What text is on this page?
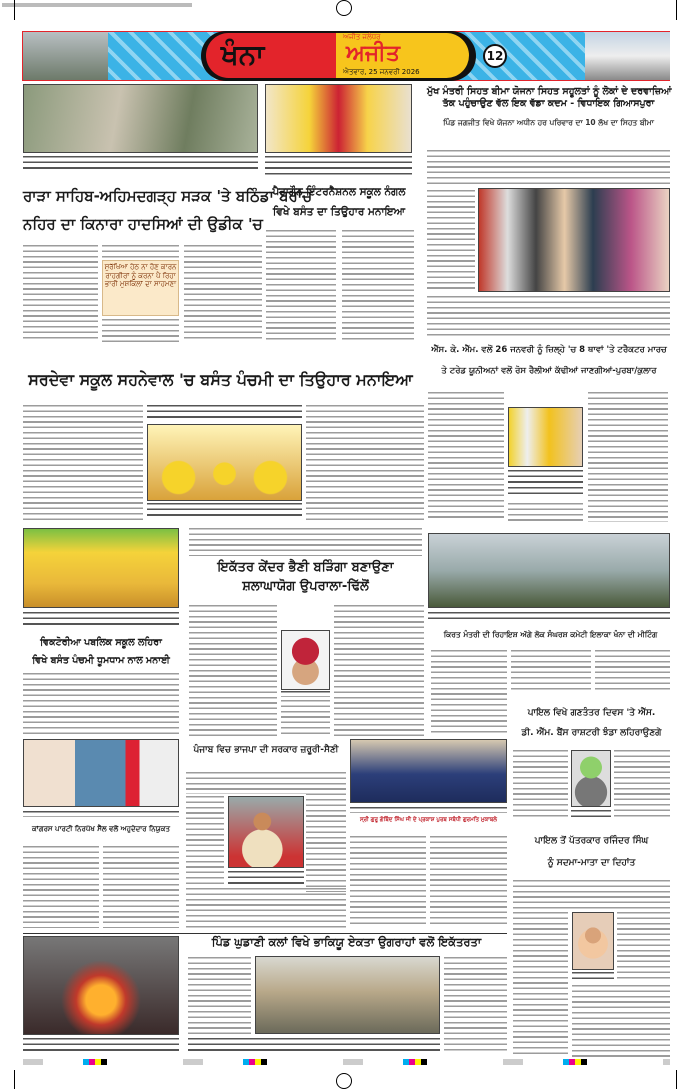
ਖੰਨਾ
ਅਜੀਤ ਜਲੰਧਰ
ਅਜੀਤ
ਐਤਵਾਰ, 25 ਜਨਵਰੀ 2026
12
ਮੁੱਖ ਮੰਤਰੀ ਸਿਹਤ ਬੀਮਾ ਯੋਜਨਾ ਸਿਹਤ ਸਹੂਲਤਾਂ ਨੂੰ ਲੋਕਾਂ ਦੇ ਦਰਵਾਜ਼ਿਆਂ
ਤੱਕ ਪਹੁੰਚਾਉਣ ਵੱਲ ਇਕ ਵੱਡਾ ਕਦਮ - ਵਿਧਾਇਕ ਗਿਆਸਪੁਰਾ
ਪਿੰਡ ਜਗਜੀਤ ਵਿਖੇ ਯੋਜਨਾ ਅਧੀਨ ਹਰ ਪਰਿਵਾਰ ਦਾ 10 ਲੱਖ ਦਾ ਸਿਹਤ ਬੀਮਾ
ਰਾੜਾ ਸਾਹਿਬ-ਅਹਿਮਦਗੜ੍ਹ ਸੜਕ 'ਤੇ ਬਠਿੰਡਾ ਬਰਾਂਚ
ਨਹਿਰ ਦਾ ਕਿਨਾਰਾ ਹਾਦਸਿਆਂ ਦੀ ਉਡੀਕ 'ਚ
ਸੁਰੱਖਿਆ ਹੇਠ ਨਾ ਹੋਣ ਕਾਰਨ
ਰਾਹਗੀਰਾਂ ਨੂੰ ਕਰਨਾ ਪੈ ਰਿਹਾ
ਭਾਰੀ ਮੁਸ਼ਕਿਲਾਂ ਦਾ ਸਾਹਮਣਾ
ਪੈਰਾਗੌਨ ਇੰਟਰਨੈਸ਼ਨਲ ਸਕੂਲ ਨੰਗਲ
ਵਿਖੇ ਬਸੰਤ ਦਾ ਤਿਉਹਾਰ ਮਨਾਇਆ
ਐੱਸ. ਕੇ. ਐੱਮ. ਵਲੋਂ 26 ਜਨਵਰੀ ਨੂੰ ਜ਼ਿਲ੍ਹੇ 'ਚ 8 ਥਾਵਾਂ 'ਤੇ ਟਰੈਕਟਰ ਮਾਰਚ
ਤੇ ਟਰੇਡ ਯੂਨੀਅਨਾਂ ਵਲੋਂ ਰੋਸ ਰੈਲੀਆਂ ਕੱਢੀਆਂ ਜਾਣਗੀਆਂ-ਪੁਰਬਾ/ਕੁਲਾਰ
ਸਰਦੇਵਾ ਸਕੂਲ ਸਹਨੇਵਾਲ 'ਚ ਬਸੰਤ ਪੰਚਮੀ ਦਾ ਤਿਉਹਾਰ ਮਨਾਇਆ
ਇਕੱਤਰ ਕੇਂਦਰ ਭੈਣੀ ਬੜਿੰਗਾ ਬਣਾਉਣਾ
ਸ਼ਲਾਘਾਯੋਗ ਉਪਰਾਲਾ-ਢਿੱਲੋਂ
ਵਿਕਟੋਰੀਆ ਪਬਲਿਕ ਸਕੂਲ ਲਹਿਰਾ
ਵਿਖੇ ਬਸੰਤ ਪੰਚਮੀ ਧੂਮਧਾਮ ਨਾਲ ਮਨਾਈ
ਕਿਰਤ ਮੰਤਰੀ ਦੀ ਰਿਹਾਇਸ਼ ਅੱਗੇ ਲੋਕ ਸੰਘਰਸ਼ ਕਮੇਟੀ ਇਲਾਕਾ ਖੰਨਾ ਦੀ ਮੀਟਿੰਗ
ਪਾਇਲ ਵਿਖੇ ਗਣਤੰਤਰ ਦਿਵਸ 'ਤੇ ਐੱਸ.
ਡੀ. ਐੱਮ. ਬੈਂਸ ਰਾਸ਼ਟਰੀ ਝੰਡਾ ਲਹਿਰਾਉਣਗੇ
ਕਾਂਗਰਸ ਪਾਰਟੀ ਨਿਰਪੱਖ ਸੈੱਲ ਵਲੋਂ ਅਹੁਦੇਦਾਰ ਨਿਯੁਕਤ
ਪੰਜਾਬ ਵਿਚ ਭਾਜਪਾ ਦੀ ਸਰਕਾਰ ਜ਼ਰੂਰੀ-ਸੈਣੀ
ਸ੍ਰੀ ਗੁਰੂ ਗੋਬਿੰਦ ਸਿੰਘ ਜੀ ਦੇ ਪ੍ਰਕਾਸ਼ ਪੁਰਬ ਸਬੰਧੀ ਗੁਰਮਤਿ ਮੁਕਾਬਲੇ
ਪਾਇਲ ਤੋਂ ਪੱਤਰਕਾਰ ਰਜਿੰਦਰ ਸਿੰਘ
ਨੂੰ ਸਦਮਾ-ਮਾਤਾ ਦਾ ਦਿਹਾਂਤ
ਪਿੰਡ ਘੁਡਾਣੀ ਕਲਾਂ ਵਿਖੇ ਭਾਕਿਯੂ ਏਕਤਾ ਉਗਰਾਹਾਂ ਵਲੋਂ ਇਕੱਤਰਤਾ
